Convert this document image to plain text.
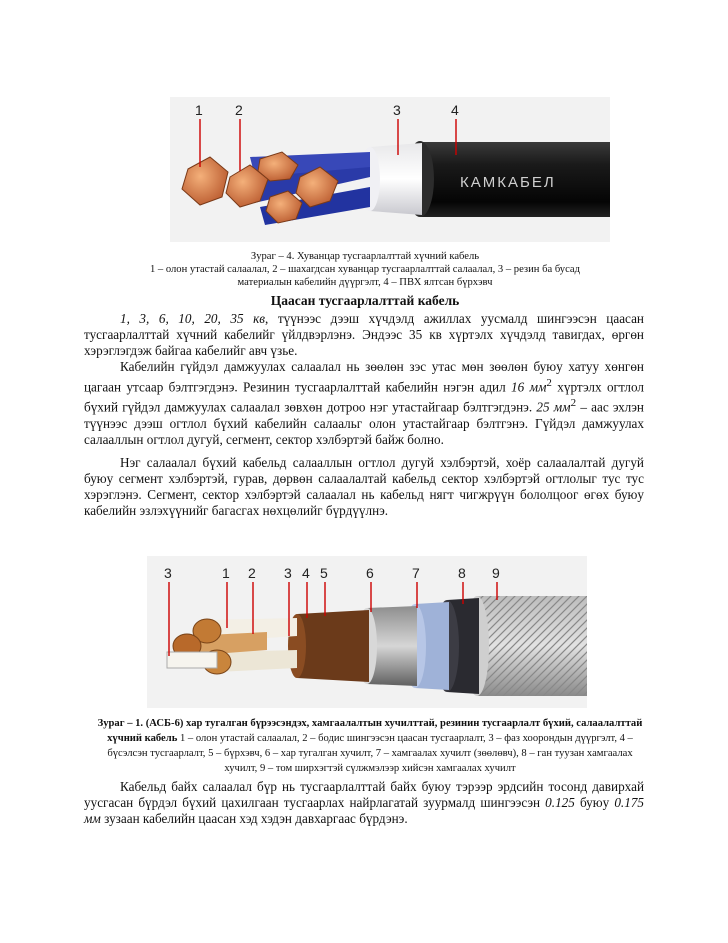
КАМКАБЕЛ
1 2	3	4
Зураг – 4. Хуванцар тусгаарлалттай хүчний кабель
1 – олон утастай салаалал, 2 – шахагдсан хуванцар тусгаарлалттай салаалал, 3 – резин ба бусад
материалын кабелийн дүүргэлт, 4 – ПВХ ялтсан бүрхэвч
Цаасан тусгаарлалттай кабель

1, 3, 6, 10, 20, 35 кв, түүнээс дээш хүчдэлд ажиллах уусмалд шингээсэн цаасан тусгаарлалттай хүчний кабелийг үйлдвэрлэнэ. Эндээс 35 кв хүртэлх хүчдэлд тавигдах, өргөн хэрэглэгдэж байгаа кабелийг авч үзье.

Кабелийн гүйдэл дамжуулах салаалал нь зөөлөн зэс утас мөн зөөлөн буюу хатуу хөнгөн цагаан утсаар бэлтгэгдэнэ. Резинин тусгаарлалттай кабелийн нэгэн адил 16 $мм^2$ хүртэлх огтлол бүхий гүйдэл дамжуулах салаалал зөвхөн дотроо нэг утастайгаар бэлтгэгдэнэ. 25 $мм^2$ – аас эхлэн түүнээс дээш огтлол бүхий кабелийн салаальг олон утастайгаар бэлтгэнэ. Гүйдэл дамжуулах салааллын огтлол дугуй, сегмент, сектор хэлбэртэй байж болно.

Нэг салаалал бүхий кабельд салааллын огтлол дугуй хэлбэртэй, хоёр салаалалтай дугуй буюу сегмент хэлбэртэй, гурав, дөрвөн салаалалтай кабельд сектор хэлбэртэй огтлолыг тус тус хэрэглэнэ. Сегмент, сектор хэлбэртэй салаалал нь кабельд нягт чигжрүүн бололцоог өгөх буюу кабелийн эзлэхүүнийг багасгах нөхцөлийг бүрдүүлнэ.

3	1 2 3 4 5	6	7	8 9
Зураг – 1. (АСБ-6) хар тугалган бүрээсэндэх, хамгаалалтын хучилттай, резинин тусгаарлалт бүхий, салаалалттай хүчний кабель 1 – олон утастай салаалал, 2 – бодис шингээсэн цаасан тусгаарлалт, 3 – фаз хоорондын дүүргэлт, 4 – бүсэлсэн тусгаарлалт, 5 – бүрхэвч, 6 – хар тугалган хучилт, 7 – хамгаалах хучилт (зөөлөвч), 8 – ган туузан хамгаалах хучилт, 9 – том ширхэгтэй сүлжмэлээр хийсэн хамгаалах хучилт

Кабельд байх салаалал бүр нь тусгаарлалттай байх буюу тэрээр эрдсийн тосонд давирхай уусгасан бүрдэл бүхий цахилгаан тусгаарлах найрлагатай зуурмалд шингээсэн 0.125 буюу 0.175 мм зузаан кабелийн цаасан хэд хэдэн давхаргаас бүрдэнэ.
